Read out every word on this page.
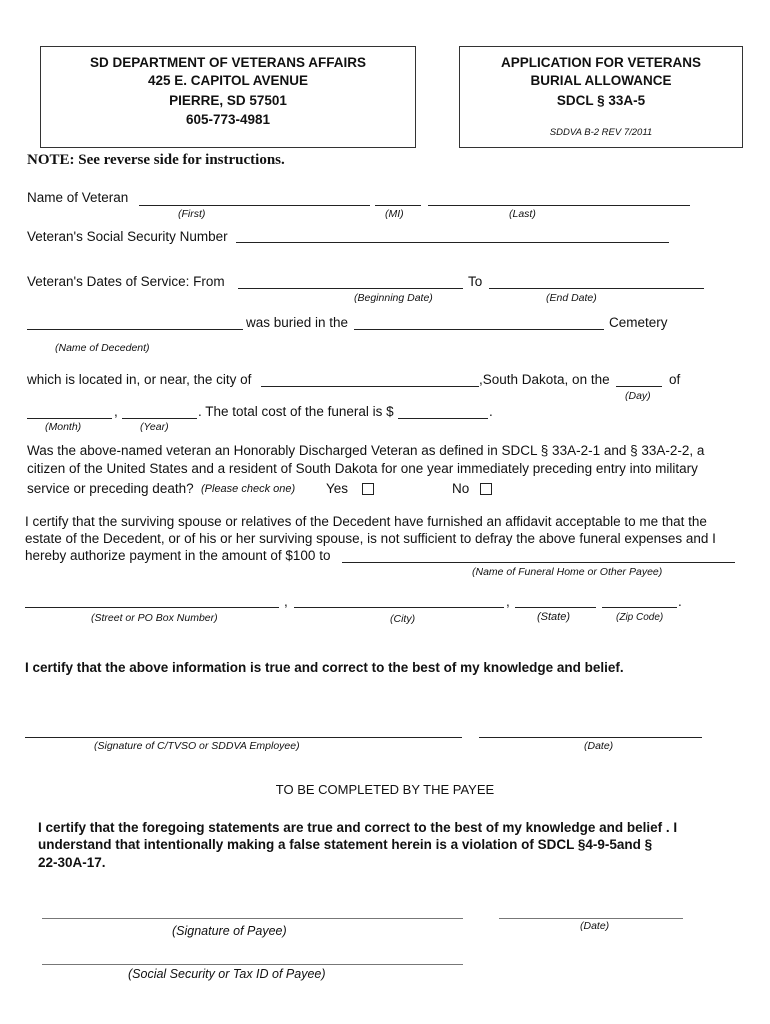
SD DEPARTMENT OF VETERANS AFFAIRS
425 E. CAPITOL AVENUE
PIERRE, SD 57501
605-773-4981
APPLICATION FOR VETERANS
BURIAL ALLOWANCE
SDCL § 33A-5
SDDVA B-2 REV 7/2011
NOTE: See reverse side for instructions.
Name of Veteran
(First)	(MI)	(Last)
Veteran's Social Security Number
Veteran's Dates of Service: From	To
(Beginning Date)	(End Date)
was buried in the	Cemetery
(Name of Decedent)
which is located in, or near, the city of	,South Dakota, on the	of
(Day)
,	. The total cost of the funeral is $	.
(Month)	(Year)
Was the above-named veteran an Honorably Discharged Veteran as defined in SDCL § 33A-2-1 and § 33A-2-2, a
citizen of the United States and a resident of South Dakota for one year immediately preceding entry into military
service or preceding death? (Please check one) Yes	No
I certify that the surviving spouse or relatives of the Decedent have furnished an affidavit acceptable to me that the
estate of the Decedent, or of his or her surviving spouse, is not sufficient to defray the above funeral expenses and I
hereby authorize payment in the amount of $100 to
(Name of Funeral Home or Other Payee)
,	,	.
(Street or PO Box Number)	(City)	(State)	(Zip Code)
I certify that the above information is true and correct to the best of my knowledge and belief.
(Signature of C/TVSO or SDDVA Employee)	(Date)
TO BE COMPLETED BY THE PAYEE
I certify that the foregoing statements are true and correct to the best of my knowledge and belief . I
understand that intentionally making a false statement herein is a violation of SDCL §4-9-5and §
22-30A-17.
(Signature of Payee)	(Date)
(Social Security or Tax ID of Payee)
